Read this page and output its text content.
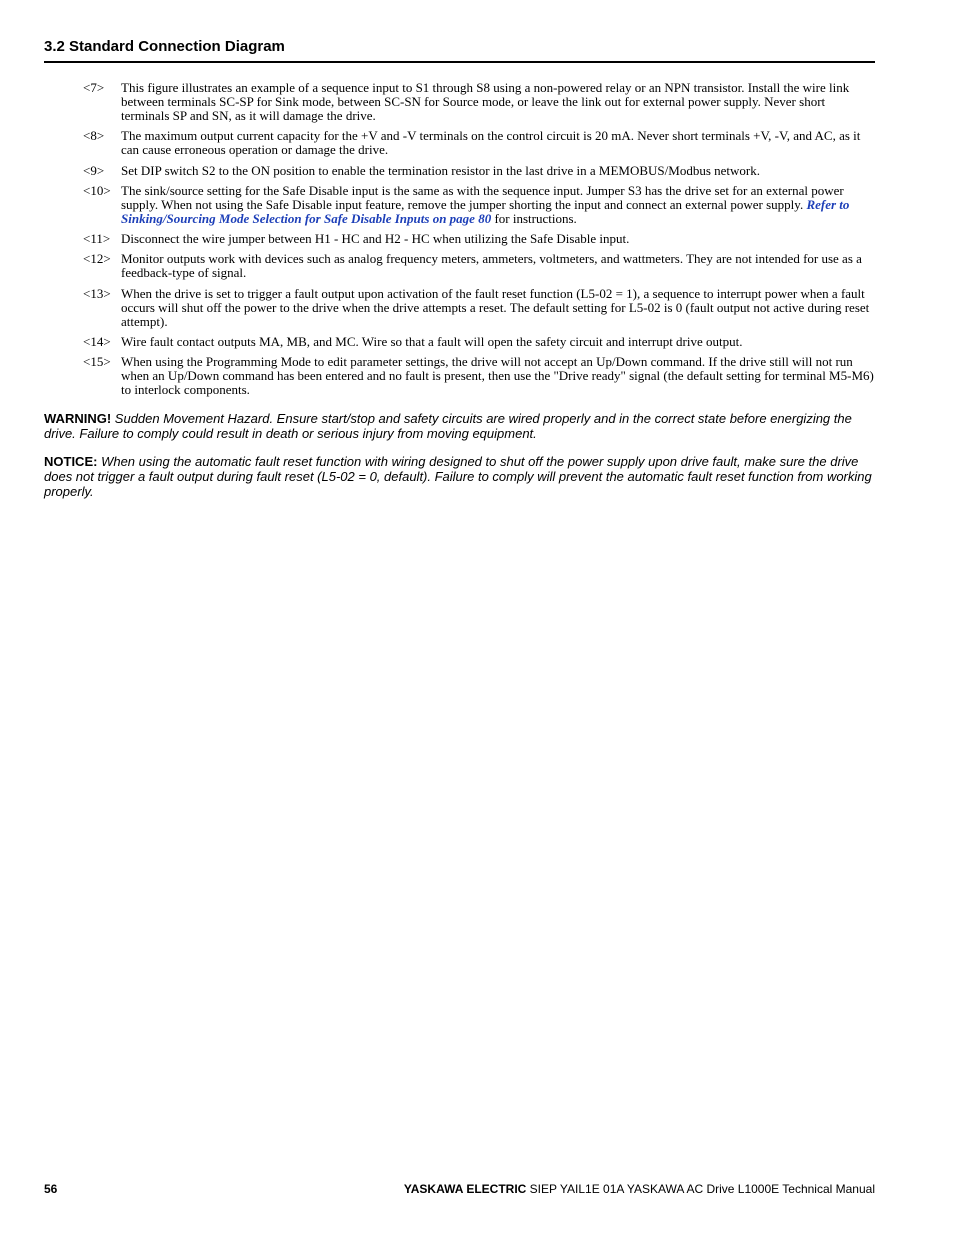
3.2 Standard Connection Diagram
<7> This figure illustrates an example of a sequence input to S1 through S8 using a non-powered relay or an NPN transistor. Install the wire link between terminals SC-SP for Sink mode, between SC-SN for Source mode, or leave the link out for external power supply. Never short terminals SP and SN, as it will damage the drive.
<8> The maximum output current capacity for the +V and -V terminals on the control circuit is 20 mA. Never short terminals +V, -V, and AC, as it can cause erroneous operation or damage the drive.
<9> Set DIP switch S2 to the ON position to enable the termination resistor in the last drive in a MEMOBUS/Modbus network.
<10> The sink/source setting for the Safe Disable input is the same as with the sequence input. Jumper S3 has the drive set for an external power supply. When not using the Safe Disable input feature, remove the jumper shorting the input and connect an external power supply. Refer to Sinking/Sourcing Mode Selection for Safe Disable Inputs on page 80 for instructions.
<11> Disconnect the wire jumper between H1 - HC and H2 - HC when utilizing the Safe Disable input.
<12> Monitor outputs work with devices such as analog frequency meters, ammeters, voltmeters, and wattmeters. They are not intended for use as a feedback-type of signal.
<13> When the drive is set to trigger a fault output upon activation of the fault reset function (L5-02 = 1), a sequence to interrupt power when a fault occurs will shut off the power to the drive when the drive attempts a reset. The default setting for L5-02 is 0 (fault output not active during reset attempt).
<14> Wire fault contact outputs MA, MB, and MC. Wire so that a fault will open the safety circuit and interrupt drive output.
<15> When using the Programming Mode to edit parameter settings, the drive will not accept an Up/Down command. If the drive still will not run when an Up/Down command has been entered and no fault is present, then use the "Drive ready" signal (the default setting for terminal M5-M6) to interlock components.
WARNING! Sudden Movement Hazard. Ensure start/stop and safety circuits are wired properly and in the correct state before energizing the drive. Failure to comply could result in death or serious injury from moving equipment.
NOTICE: When using the automatic fault reset function with wiring designed to shut off the power supply upon drive fault, make sure the drive does not trigger a fault output during fault reset (L5-02 = 0, default). Failure to comply will prevent the automatic fault reset function from working properly.
56	YASKAWA ELECTRIC SIEP YAIL1E 01A YASKAWA AC Drive L1000E Technical Manual
